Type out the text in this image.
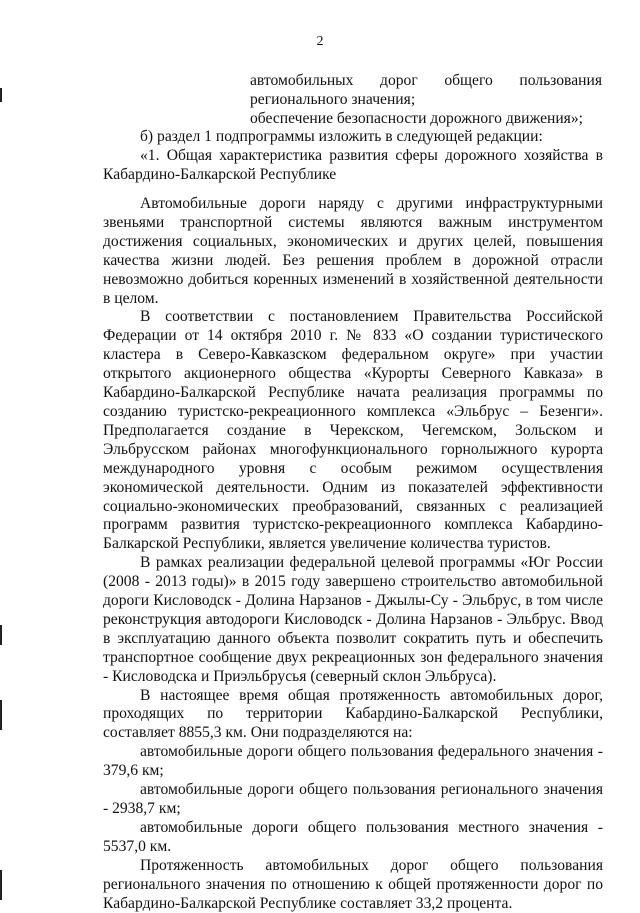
2

автомобильных дорог общего пользования регионального значения;

обеспечение безопасности дорожного движения»;

б) раздел 1 подпрограммы изложить в следующей редакции:

«1. Общая характеристика развития сферы дорожного хозяйства в Кабардино-Балкарской Республике

Автомобильные дороги наряду с другими инфраструктурными звеньями транспортной системы являются важным инструментом достижения социальных, экономических и других целей, повышения качества жизни людей. Без решения проблем в дорожной отрасли невозможно добиться коренных изменений в хозяйственной деятельности в целом.

В соответствии с постановлением Правительства Российской Федерации от 14 октября 2010 г. № 833 «О создании туристического кластера в Северо-Кавказском федеральном округе» при участии открытого акционерного общества «Курорты Северного Кавказа» в Кабардино-Балкарской Республике начата реализация программы по созданию туристско-рекреационного комплекса «Эльбрус – Безенги». Предполагается создание в Черекском, Чегемском, Зольском и Эльбрусском районах многофункционального горнолыжного курорта международного уровня с особым режимом осуществления экономической деятельности. Одним из показателей эффективности социально-экономических преобразований, связанных с реализацией программ развития туристско-рекреационного комплекса Кабардино-Балкарской Республики, является увеличение количества туристов.

В рамках реализации федеральной целевой программы «Юг России (2008 - 2013 годы)» в 2015 году завершено строительство автомобильной дороги Кисловодск - Долина Нарзанов - Джылы-Су - Эльбрус, в том числе реконструкция автодороги Кисловодск - Долина Нарзанов - Эльбрус. Ввод в эксплуатацию данного объекта позволит сократить путь и обеспечить транспортное сообщение двух рекреационных зон федерального значения - Кисловодска и Приэльбрусья (северный склон Эльбруса).

В настоящее время общая протяженность автомобильных дорог, проходящих по территории Кабардино-Балкарской Республики, составляет 8855,3 км. Они подразделяются на:

автомобильные дороги общего пользования федерального значения - 379,6 км;

автомобильные дороги общего пользования регионального значения - 2938,7 км;

автомобильные дороги общего пользования местного значения - 5537,0 км.

Протяженность автомобильных дорог общего пользования регионального значения по отношению к общей протяженности дорог по Кабардино-Балкарской Республике составляет 33,2 процента.
